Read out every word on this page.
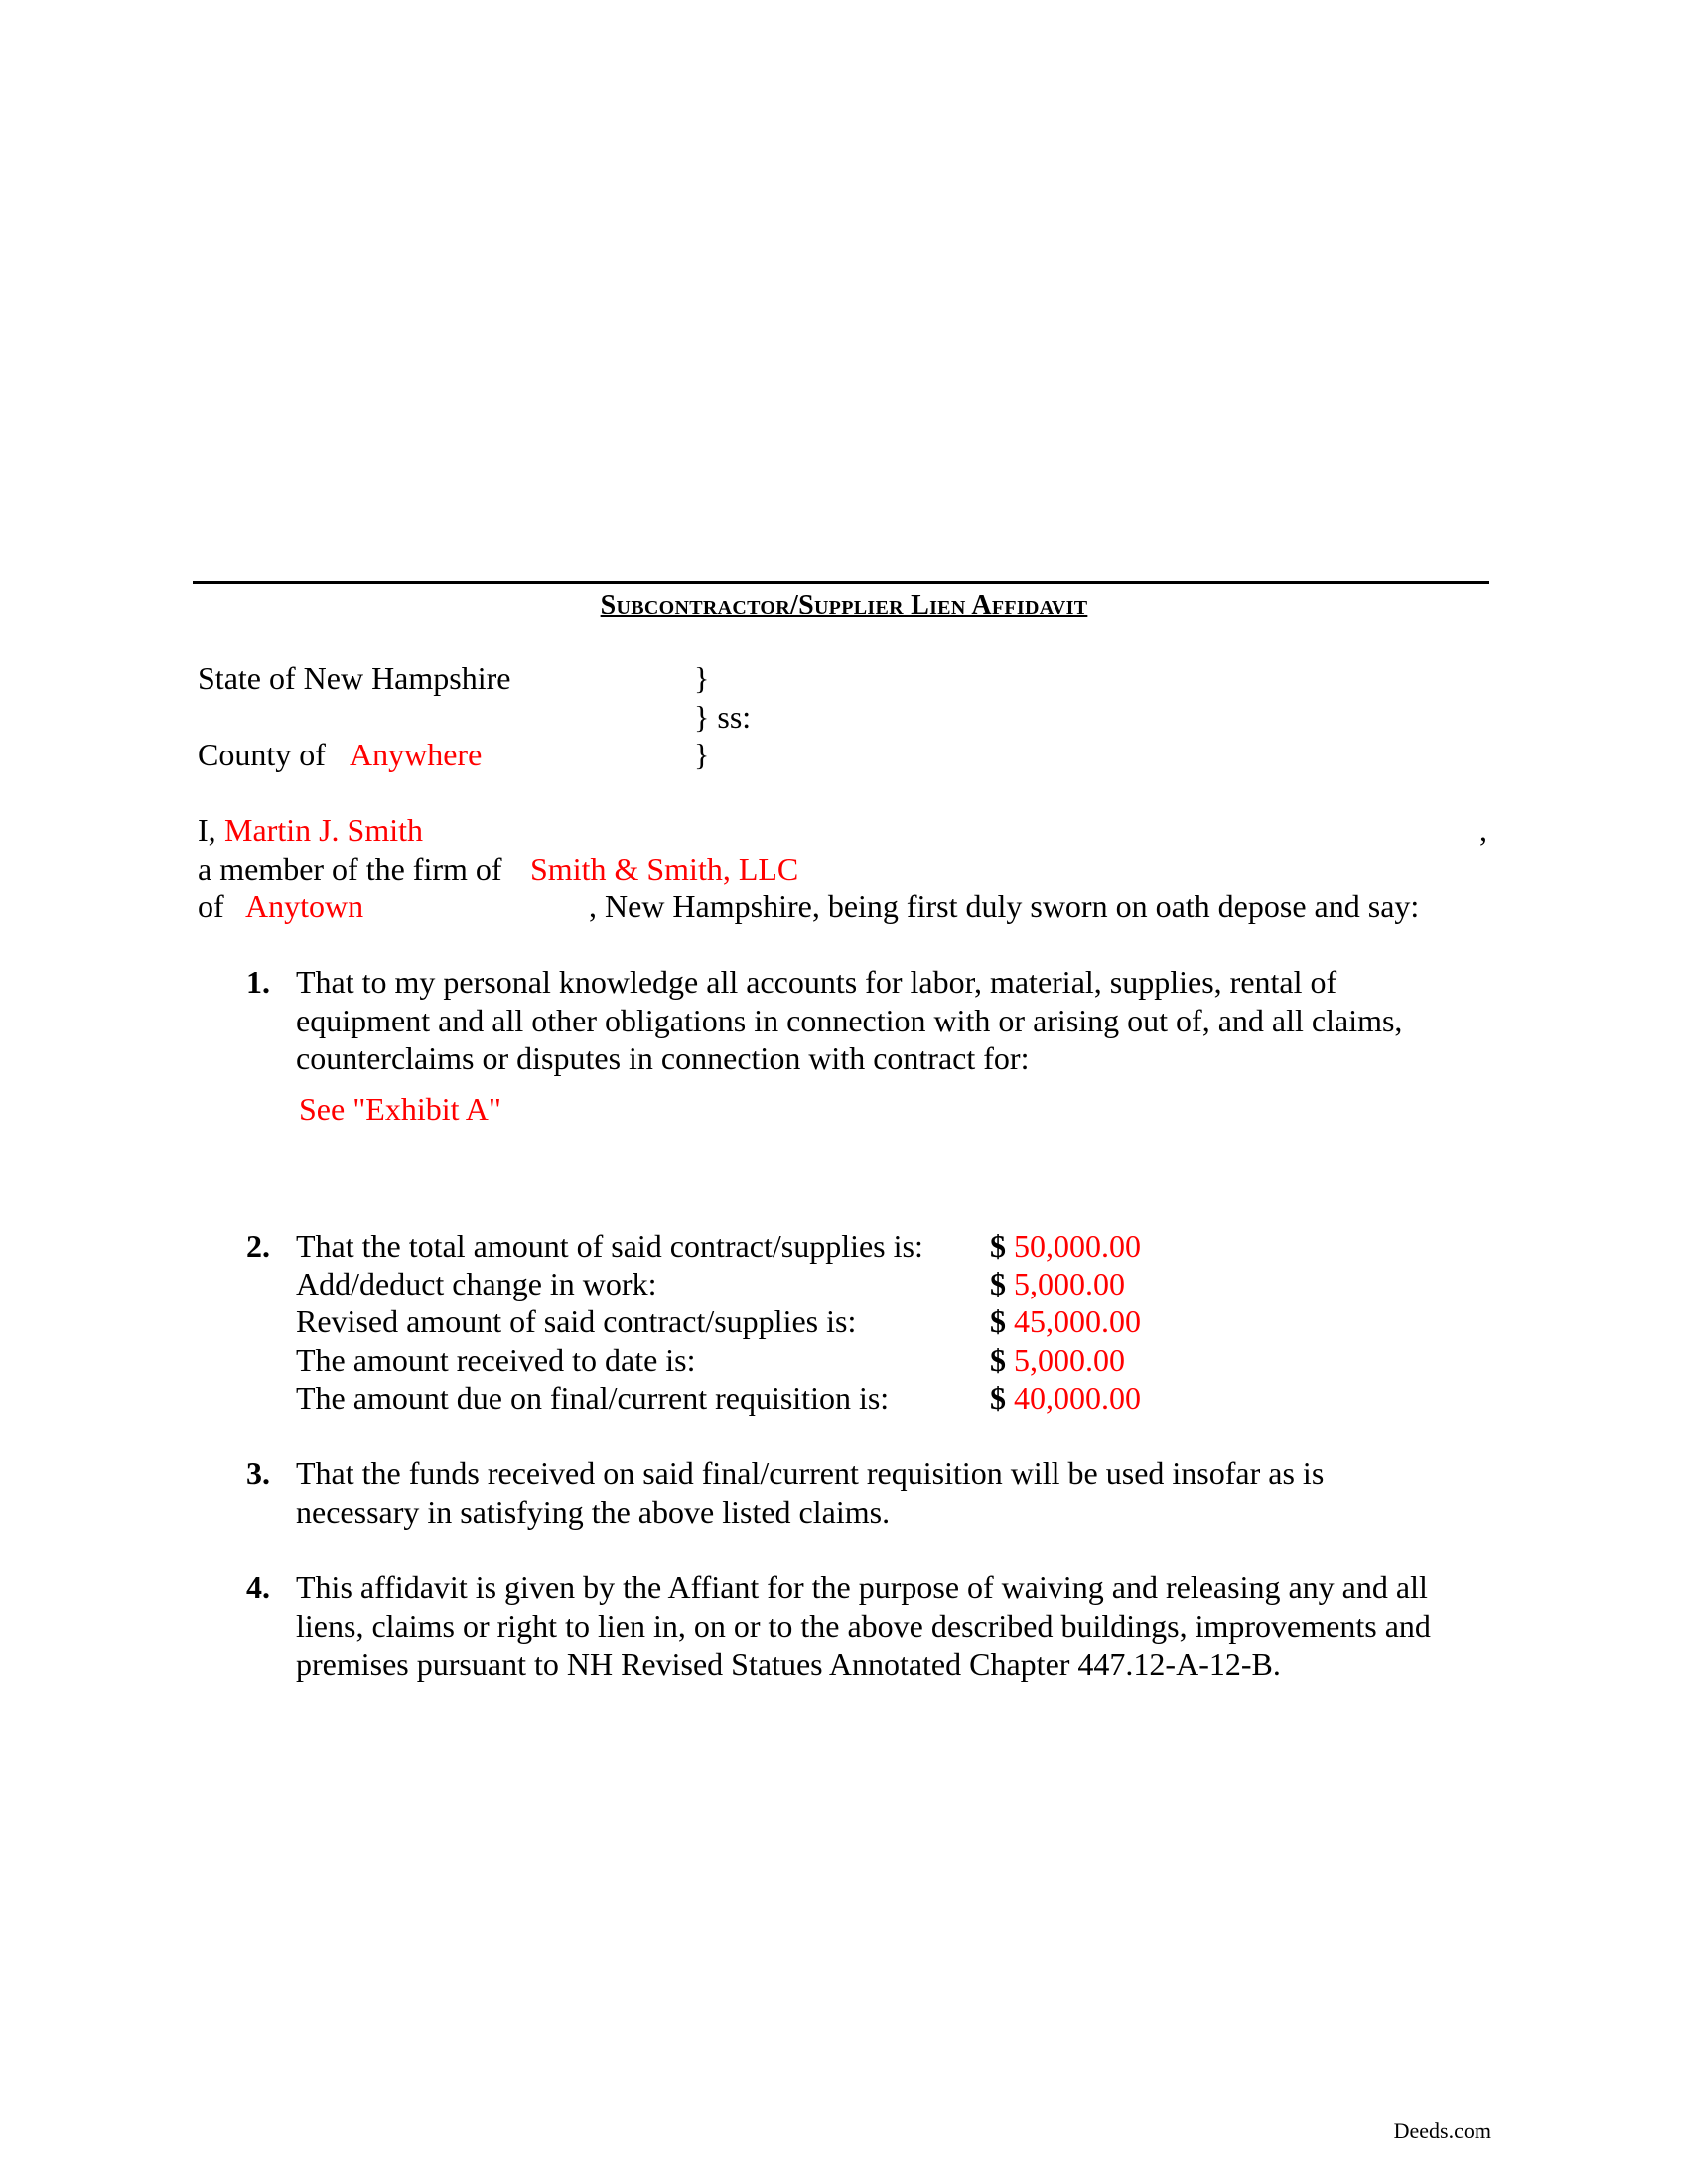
Subcontractor/Supplier Lien Affidavit
State of New Hampshire	}
} ss:
County of Anywhere	}
I, Martin J. Smith	,
a member of the firm of Smith & Smith, LLC
of Anytown	, New Hampshire, being first duly sworn on oath depose and say:
1. That to my personal knowledge all accounts for labor, material, supplies, rental of
equipment and all other obligations in connection with or arising out of, and all claims,
counterclaims or disputes in connection with contract for:
See "Exhibit A"
2. That the total amount of said contract/supplies is: $ 50,000.00
Add/deduct change in work:	$ 5,000.00
Revised amount of said contract/supplies is:	$ 45,000.00
The amount received to date is:	$ 5,000.00
The amount due on final/current requisition is:	$ 40,000.00
3. That the funds received on said final/current requisition will be used insofar as is
necessary in satisfying the above listed claims.
4. This affidavit is given by the Affiant for the purpose of waiving and releasing any and all
liens, claims or right to lien in, on or to the above described buildings, improvements and
premises pursuant to NH Revised Statues Annotated Chapter 447.12-A-12-B.
Deeds.com
